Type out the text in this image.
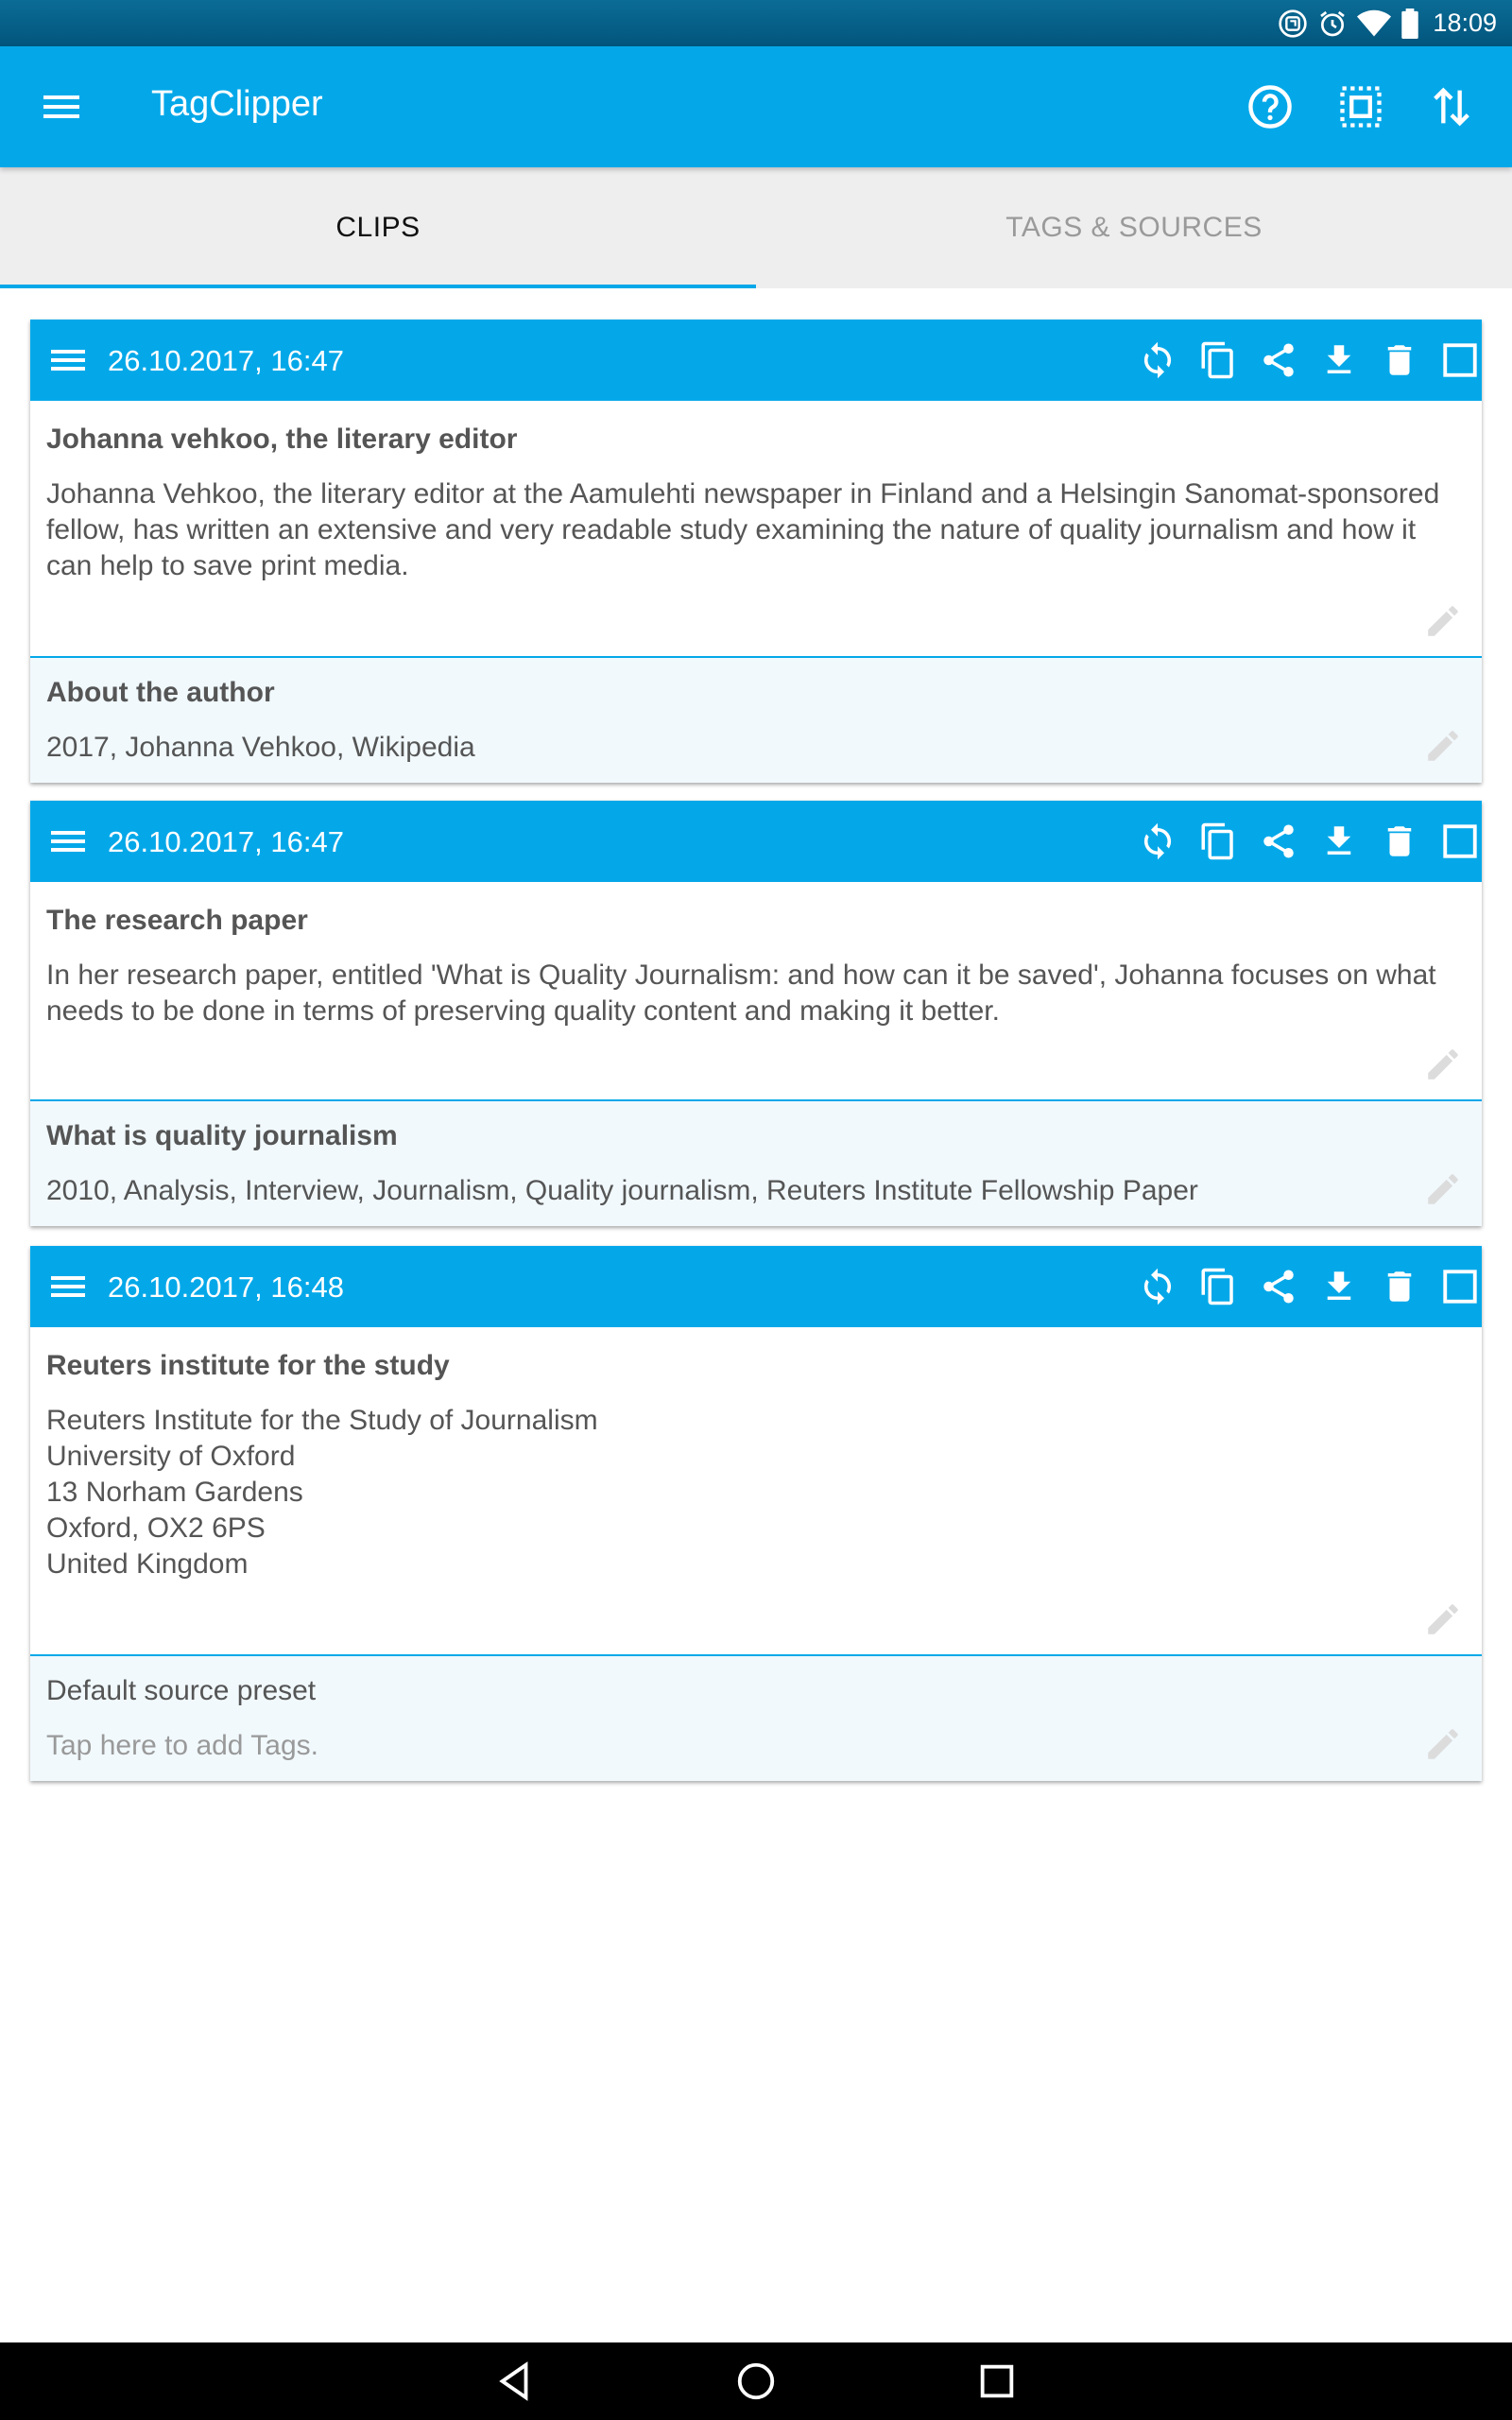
18:09
TagClipper
CLIPS	TAGS & SOURCES
26.10.2017, 16:47
Johanna vehkoo, the literary editor
Johanna Vehkoo, the literary editor at the Aamulehti newspaper in Finland and a Helsingin Sanomat-sponsored fellow, has written an extensive and very readable study examining the nature of quality journalism and how it can help to save print media.
About the author
2017, Johanna Vehkoo, Wikipedia
26.10.2017, 16:47
The research paper
In her research paper, entitled 'What is Quality Journalism: and how can it be saved', Johanna focuses on what needs to be done in terms of preserving quality content and making it better.
What is quality journalism
2010, Analysis, Interview, Journalism, Quality journalism, Reuters Institute Fellowship Paper
26.10.2017, 16:48
Reuters institute for the study
Reuters Institute for the Study of Journalism
University of Oxford
13 Norham Gardens
Oxford, OX2 6PS
United Kingdom
Default source preset
Tap here to add Tags.
